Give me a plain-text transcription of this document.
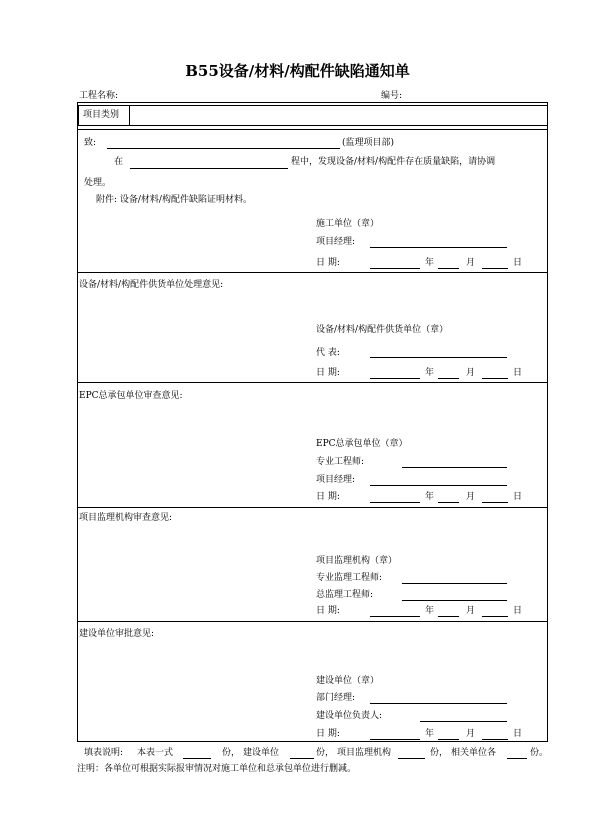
B55设备/材料/构配件缺陷通知单
工程名称:	编号:
项目类别
致:	(监理项目部)
在	程中，发现设备/材料/构配件存在质量缺陷，请协调
处理。
附件: 设备/材料/构配件缺陷证明材料。
施工单位（章）
项目经理:
日 期:	年	月	日
设备/材料/构配件供货单位处理意见:
设备/材料/构配件供货单位（章）
代 表:
日 期:	年	月	日
EPC总承包单位审查意见:
EPC总承包单位（章）
专业工程师:
项目经理:
日 期:	年	月	日
项目监理机构审查意见:
项目监理机构（章）
专业监理工程师:
总监理工程师:
日 期:	年	月	日
建设单位审批意见:
建设单位（章）
部门经理:
建设单位负责人:
日 期:	年	月	日
填表说明: 本表一式	份， 建设单位	份， 项目监理机构	份， 相关单位各	份。
注明：各单位可根据实际报审情况对施工单位和总承包单位进行删减。
